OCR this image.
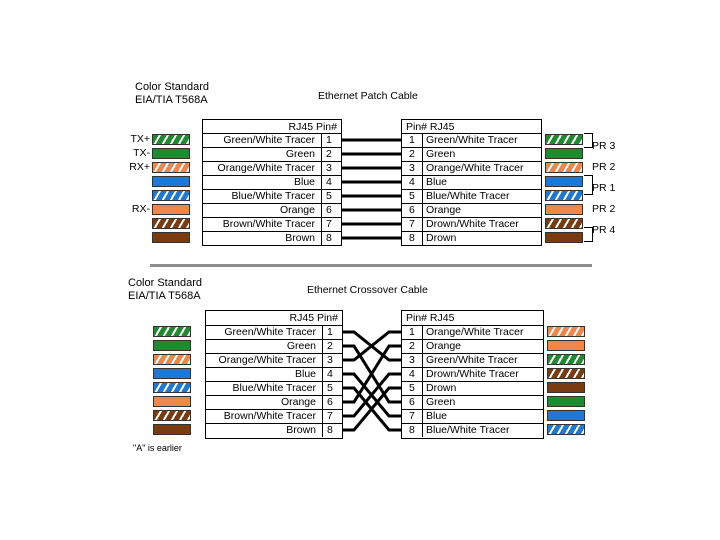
Color Standard
EIA/TIA T568A	Ethernet Patch Cable
RJ45 Pin#
Green/White Tracer 1
Green 2
Orange/White Tracer 3
Blue 4
Blue/White Tracer 5
Orange 6
Brown/White Tracer 7
Brown 8
Pin# RJ45
1 Green/White Tracer
2 Green
3 Orange/White Tracer
4 Blue
5 Blue/White Tracer
6 Orange
7 Drown/White Tracer
8 Drown
Color Standard
EIA/TIA T568A	Ethernet Crossover Cable
RJ45 Pin#
Green/White Tracer 1
Green 2
Orange/White Tracer 3
Blue 4
Blue/White Tracer 5
Orange 6
Brown/White Tracer 7
Brown 8
Pin# RJ45
1 Orange/White Tracer
2 Orange
3 Green/White Tracer
4 Drown/White Tracer
5 Drown
6 Green
7 Blue
8 Blue/White Tracer
"A" is earlier
TX+
TX-
RX+
RX-
PR 3
PR 2
PR 1
PR 2
PR 4
